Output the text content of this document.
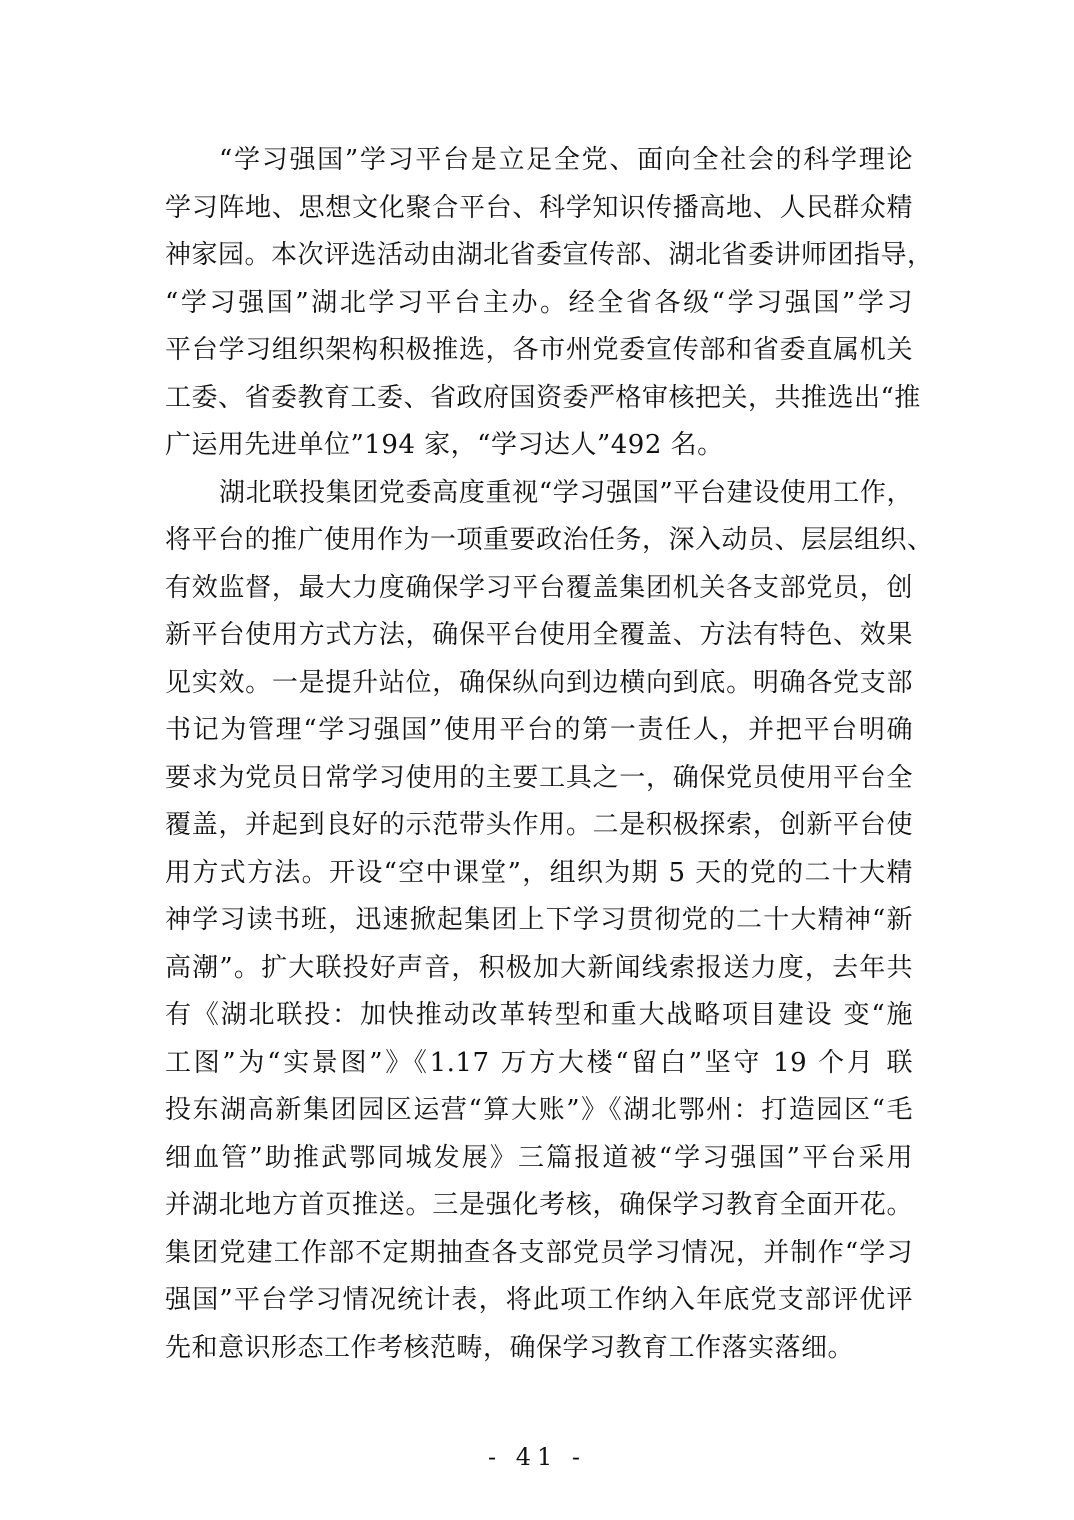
“学习强国”学习平台是立足全党、面向全社会的科学理论
学习阵地、思想文化聚合平台、科学知识传播高地、人民群众精
神家园。本次评选活动由湖北省委宣传部、湖北省委讲师团指导，
“学习强国”湖北学习平台主办。经全省各级“学习强国”学习
平台学习组织架构积极推选，各市州党委宣传部和省委直属机关
工委、省委教育工委、省政府国资委严格审核把关，共推选出“推
广运用先进单位”194 家，“学习达人”492 名。
湖北联投集团党委高度重视“学习强国”平台建设使用工作，
将平台的推广使用作为一项重要政治任务，深入动员、层层组织、
有效监督，最大力度确保学习平台覆盖集团机关各支部党员，创
新平台使用方式方法，确保平台使用全覆盖、方法有特色、效果
见实效。一是提升站位，确保纵向到边横向到底。明确各党支部
书记为管理“学习强国”使用平台的第一责任人，并把平台明确
要求为党员日常学习使用的主要工具之一，确保党员使用平台全
覆盖，并起到良好的示范带头作用。二是积极探索，创新平台使
用方式方法。开设“空中课堂”，组织为期 5 天的党的二十大精
神学习读书班，迅速掀起集团上下学习贯彻党的二十大精神“新
高潮”。扩大联投好声音，积极加大新闻线索报送力度，去年共
有《湖北联投：加快推动改革转型和重大战略项目建设 变“施
工图”为“实景图”》《1.17 万方大楼“留白”坚守 19 个月 联
投东湖高新集团园区运营“算大账”》《湖北鄂州：打造园区“毛
细血管”助推武鄂同城发展》三篇报道被“学习强国”平台采用
并湖北地方首页推送。三是强化考核，确保学习教育全面开花。
集团党建工作部不定期抽查各支部党员学习情况，并制作“学习
强国”平台学习情况统计表，将此项工作纳入年底党支部评优评
先和意识形态工作考核范畴，确保学习教育工作落实落细。
- 41 -
